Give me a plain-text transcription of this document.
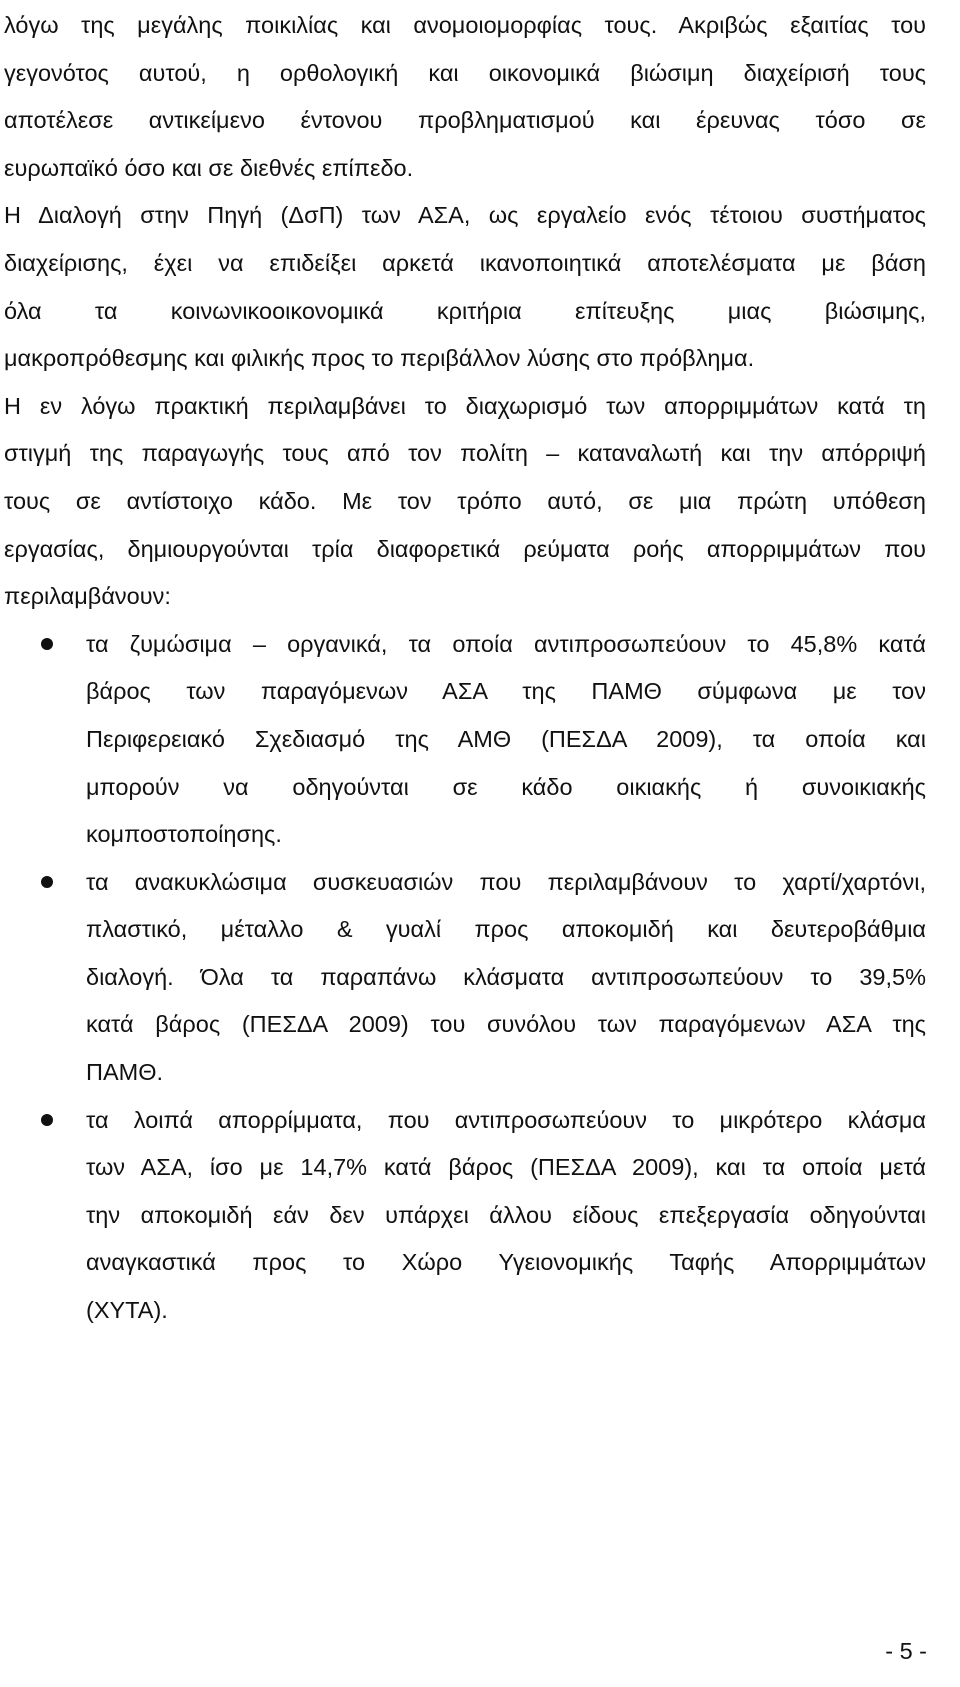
λόγω της μεγάλης ποικιλίας και ανομοιομορφίας τους. Ακριβώς εξαιτίας του
γεγονότος αυτού, η ορθολογική και οικονομικά βιώσιμη διαχείρισή τους
αποτέλεσε αντικείμενο έντονου προβληματισμού και έρευνας τόσο σε
ευρωπαϊκό όσο και σε διεθνές επίπεδο.
Η Διαλογή στην Πηγή (ΔσΠ) των ΑΣΑ, ως εργαλείο ενός τέτοιου συστήματος
διαχείρισης, έχει να επιδείξει αρκετά ικανοποιητικά αποτελέσματα με βάση
όλα τα κοινωνικοοικονομικά κριτήρια επίτευξης μιας βιώσιμης,
μακροπρόθεσμης και φιλικής προς το περιβάλλον λύσης στο πρόβλημα.
Η εν λόγω πρακτική περιλαμβάνει το διαχωρισμό των απορριμμάτων κατά τη
στιγμή της παραγωγής τους από τον πολίτη – καταναλωτή και την απόρριψή
τους σε αντίστοιχο κάδο. Με τον τρόπο αυτό, σε μια πρώτη υπόθεση
εργασίας, δημιουργούνται τρία διαφορετικά ρεύματα ροής απορριμμάτων που
περιλαμβάνουν:

τα ζυμώσιμα – οργανικά, τα οποία αντιπροσωπεύουν το 45,8% κατά
βάρος των παραγόμενων ΑΣΑ της ΠΑΜΘ σύμφωνα με τον
Περιφερειακό Σχεδιασμό της ΑΜΘ (ΠΕΣΔΑ 2009), τα οποία και
μπορούν να οδηγούνται σε κάδο οικιακής ή συνοικιακής
κομποστοποίησης.
τα ανακυκλώσιμα συσκευασιών που περιλαμβάνουν το χαρτί/χαρτόνι,
πλαστικό, μέταλλο & γυαλί προς αποκομιδή και δευτεροβάθμια
διαλογή. Όλα τα παραπάνω κλάσματα αντιπροσωπεύουν το 39,5%
κατά βάρος (ΠΕΣΔΑ 2009) του συνόλου των παραγόμενων ΑΣΑ της
ΠΑΜΘ.
τα λοιπά απορρίμματα, που αντιπροσωπεύουν το μικρότερο κλάσμα
των ΑΣΑ, ίσο με 14,7% κατά βάρος (ΠΕΣΔΑ 2009), και τα οποία μετά
την αποκομιδή εάν δεν υπάρχει άλλου είδους επεξεργασία οδηγούνται
αναγκαστικά προς το Χώρο Υγειονομικής Ταφής Απορριμμάτων
(ΧΥΤΑ).
- 5 -
